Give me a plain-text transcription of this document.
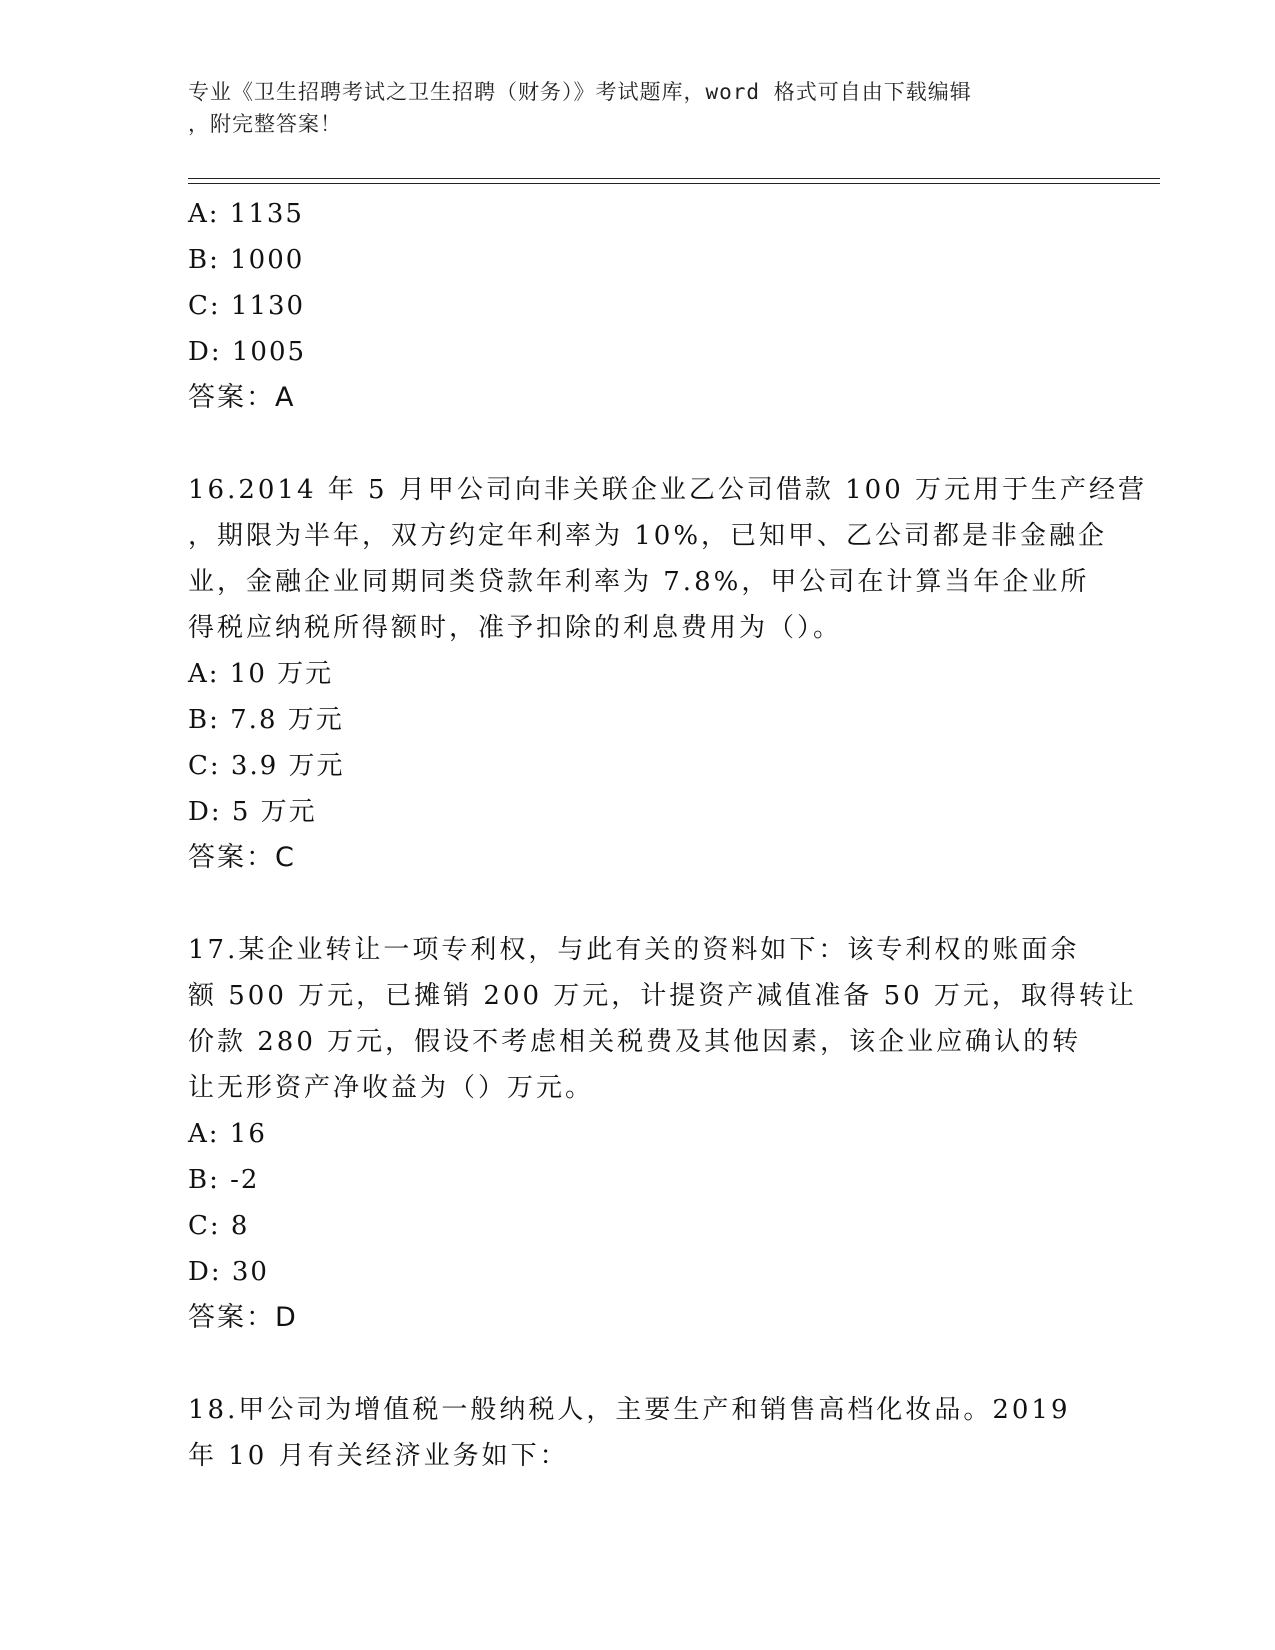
专业《卫生招聘考试之卫生招聘（财务）》考试题库，word 格式可自由下载编辑
，附完整答案！
A: 1135
B: 1000
C: 1130
D: 1005
答案：A
16.2014 年 5 月甲公司向非关联企业乙公司借款 100 万元用于生产经营
，期限为半年，双方约定年利率为 10%，已知甲、乙公司都是非金融企
业，金融企业同期同类贷款年利率为 7.8%，甲公司在计算当年企业所
得税应纳税所得额时，准予扣除的利息费用为（）。
A: 10 万元
B: 7.8 万元
C: 3.9 万元
D: 5 万元
答案：C
17.某企业转让一项专利权，与此有关的资料如下：该专利权的账面余
额 500 万元，已摊销 200 万元，计提资产减值准备 50 万元，取得转让
价款 280 万元，假设不考虑相关税费及其他因素，该企业应确认的转
让无形资产净收益为（）万元。
A: 16
B: -2
C: 8
D: 30
答案：D
18.甲公司为增值税一般纳税人，主要生产和销售高档化妆品。2019
年 10 月有关经济业务如下：
